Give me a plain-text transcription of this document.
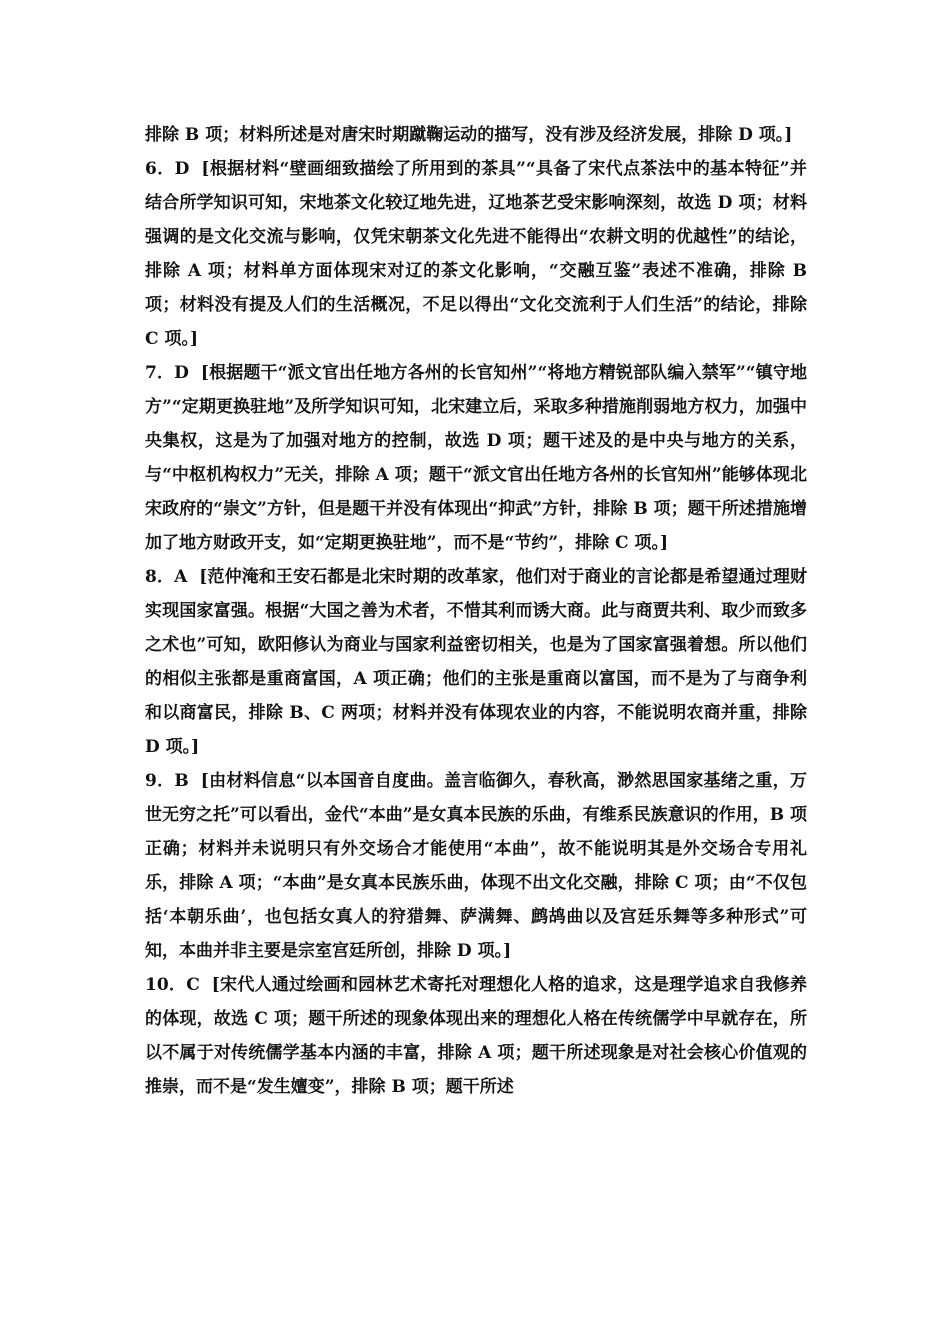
排除 B 项；材料所述是对唐宋时期蹴鞠运动的描写，没有涉及经济发展，排除 D 项。]

6．D [根据材料“壁画细致描绘了所用到的茶具”“具备了宋代点茶法中的基本特征”并结合所学知识可知，宋地茶文化较辽地先进，辽地茶艺受宋影响深刻，故选 D 项；材料强调的是文化交流与影响，仅凭宋朝茶文化先进不能得出“农耕文明的优越性”的结论，排除 A 项；材料单方面体现宋对辽的茶文化影响，“交融互鉴”表述不准确，排除 B 项；材料没有提及人们的生活概况，不足以得出“文化交流利于人们生活”的结论，排除 C 项。]

7．D [根据题干“派文官出任地方各州的长官知州”“将地方精锐部队编入禁军”“镇守地方”“定期更换驻地”及所学知识可知，北宋建立后，采取多种措施削弱地方权力，加强中央集权，这是为了加强对地方的控制，故选 D 项；题干述及的是中央与地方的关系，与“中枢机构权力”无关，排除 A 项；题干“派文官出任地方各州的长官知州”能够体现北宋政府的“崇文”方针，但是题干并没有体现出“抑武”方针，排除 B 项；题干所述措施增加了地方财政开支，如“定期更换驻地”，而不是“节约”，排除 C 项。]

8．A [范仲淹和王安石都是北宋时期的改革家，他们对于商业的言论都是希望通过理财实现国家富强。根据“大国之善为术者，不惜其利而诱大商。此与商贾共利、取少而致多之术也”可知，欧阳修认为商业与国家利益密切相关，也是为了国家富强着想。所以他们的相似主张都是重商富国，A 项正确；他们的主张是重商以富国，而不是为了与商争利和以商富民，排除 B、C 两项；材料并没有体现农业的内容，不能说明农商并重，排除 D 项。]

9．B [由材料信息“以本国音自度曲。盖言临御久，春秋高，渺然思国家基绪之重，万世无穷之托”可以看出，金代“本曲”是女真本民族的乐曲，有维系民族意识的作用，B 项正确；材料并未说明只有外交场合才能使用“本曲”，故不能说明其是外交场合专用礼乐，排除 A 项；“本曲”是女真本民族乐曲，体现不出文化交融，排除 C 项；由“不仅包括‘本朝乐曲’，也包括女真人的狩猎舞、萨满舞、鹧鸪曲以及宫廷乐舞等多种形式”可知，本曲并非主要是宗室宫廷所创，排除 D 项。]

10．C [宋代人通过绘画和园林艺术寄托对理想化人格的追求，这是理学追求自我修养的体现，故选 C 项；题干所述的现象体现出来的理想化人格在传统儒学中早就存在，所以不属于对传统儒学基本内涵的丰富，排除 A 项；题干所述现象是对社会核心价值观的推崇，而不是“发生嬗变”，排除 B 项；题干所述
